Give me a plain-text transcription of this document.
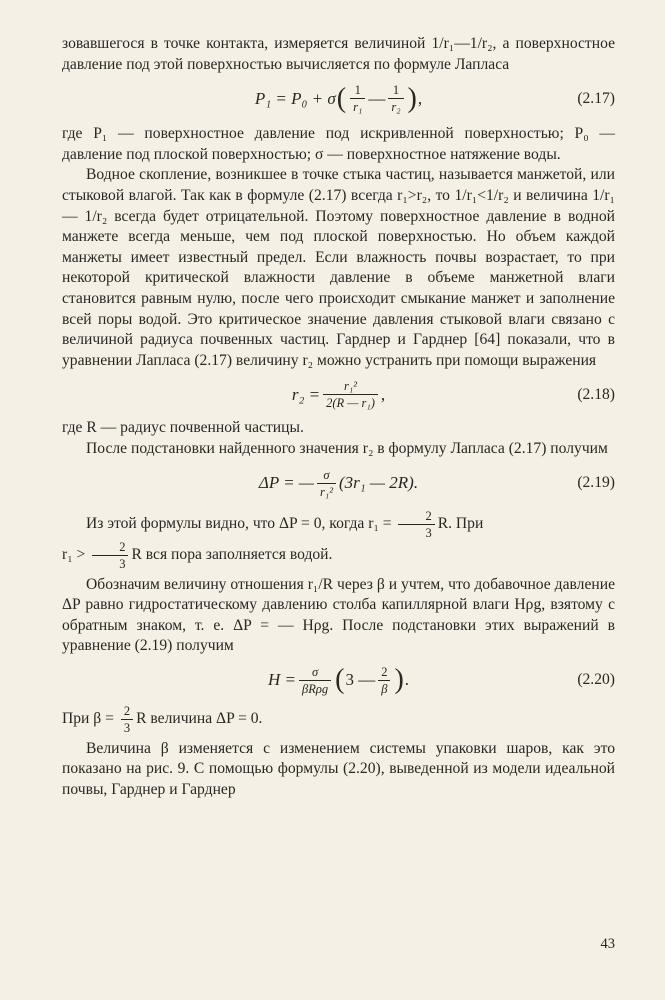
зовавшегося в точке контакта, измеряется величиной 1/r₁—1/r₂, а поверхностное давление под этой поверхностью вычисляется по формуле Лапласа

P₁ = P₀ + σ ( $\frac{1}{\text{r₁}}$ — $\frac{1}{\text{r₂}}$ ) ,	(2.17)

где P₁ — поверхностное давление под искривленной поверхностью; P₀ — давление под плоской поверхностью; σ — поверхностное натяжение воды.

Водное скопление, возникшее в точке стыка частиц, называется манжетой, или стыковой влагой. Так как в формуле (2.17) всегда r₁>r₂, то 1/r₁<1/r₂ и величина 1/r₁ — 1/r₂ всегда будет отрицательной. Поэтому поверхностное давление в водной манжете всегда меньше, чем под плоской поверхностью. Но объем каждой манжеты имеет известный предел. Если влажность почвы возрастает, то при некоторой критической влажности давление в объеме манжетной влаги становится равным нулю, после чего происходит смыкание манжет и заполнение всей поры водой. Это критическое значение давления стыковой влаги связано с величиной радиуса почвенных частиц. Гарднер и Гарднер [64] показали, что в уравнении Лапласа (2.17) величину r₂ можно устранить при помощи выражения

$r_2 = \frac{\text{r₁²}}{\text{2(R — r₁)}}$ ,	(2.18)

где R — радиус почвенной частицы.

После подстановки найденного значения r₂ в формулу Лапласа (2.17) получим

ΔP = — $\frac{\sigma}{\text{r₁²}} (3r_1$ — 2R).	(2.19)

Из этой формулы видно, что ΔP = 0, когда $r_1 = \frac{2}{3} R$. При
$r_1 > \frac{2}{3}$ R вся пора заполняется водой.

Обозначим величину отношения r₁/R через β и учтем, что добавочное давление ΔP равно гидростатическому давлению столба капиллярной влаги Hρg, взятому с обратным знаком, т. е. ΔP = — Hρg. После подстановки этих выражений в уравнение (2.19) получим

$H = \frac{\sigma}{\text{βRρg}}$ ( 3 — $\frac{2}{\beta}$ ) .	(2.20)

При $\beta = \frac{2}{3}$ R величина ΔP = 0.

Величина β изменяется с изменением системы упаковки шаров, как это показано на рис. 9. С помощью формулы (2.20), выведенной из модели идеальной почвы, Гарднер и Гарднер

43
